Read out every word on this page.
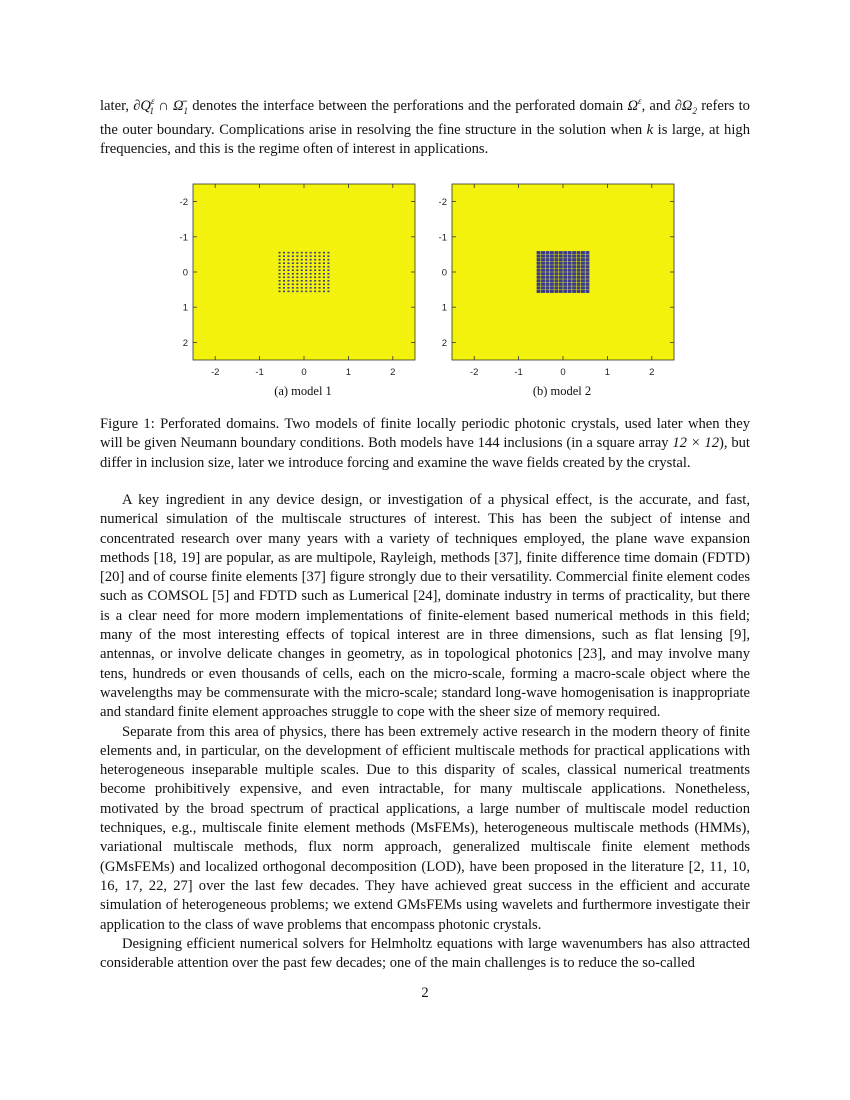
later, $\partial Q^\varepsilon_1$ ∩ $\Omegā_1$ denotes the interface between the perforations and the perforated domain $\Omega^\varepsilon$, and $\partial\Omega_2$ refers to the outer boundary. Complications arise in resolving the fine structure in the solution when k is large, at high frequencies, and this is the regime often of interest in applications.

-2	-1	0	1	2
-2
-1
0
1
2
-2	-1	0	1	2
-2
-1
0
1
2
(a) model 1	(b) model 2

Figure 1: Perforated domains. Two models of finite locally periodic photonic crystals, used later when they will be given Neumann boundary conditions. Both models have 144 inclusions (in a square array 12 × 12), but differ in inclusion size, later we introduce forcing and examine the wave fields created by the crystal.

A key ingredient in any device design, or investigation of a physical effect, is the accurate, and fast, numerical simulation of the multiscale structures of interest. This has been the subject of intense and concentrated research over many years with a variety of techniques employed, the plane wave expansion methods [18, 19] are popular, as are multipole, Rayleigh, methods [37], finite difference time domain (FDTD) [20] and of course finite elements [37] figure strongly due to their versatility. Commercial finite element codes such as COMSOL [5] and FDTD such as Lumerical [24], dominate industry in terms of practicality, but there is a clear need for more modern implementations of finite-element based numerical methods in this field; many of the most interesting effects of topical interest are in three dimensions, such as flat lensing [9], antennas, or involve delicate changes in geometry, as in topological photonics [23], and may involve many tens, hundreds or even thousands of cells, each on the micro-scale, forming a macro-scale object where the wavelengths may be commensurate with the micro-scale; standard long-wave homogenisation is inappropriate and standard finite element approaches struggle to cope with the sheer size of memory required.

Separate from this area of physics, there has been extremely active research in the modern theory of finite elements and, in particular, on the development of efficient multiscale methods for practical applications with heterogeneous inseparable multiple scales. Due to this disparity of scales, classical numerical treatments become prohibitively expensive, and even intractable, for many multiscale applications. Nonetheless, motivated by the broad spectrum of practical applications, a large number of multiscale model reduction techniques, e.g., multiscale finite element methods (MsFEMs), heterogeneous multiscale methods (HMMs), variational multiscale methods, flux norm approach, generalized multiscale finite element methods (GMsFEMs) and localized orthogonal decomposition (LOD), have been proposed in the literature [2, 11, 10, 16, 17, 22, 27] over the last few decades. They have achieved great success in the efficient and accurate simulation of heterogeneous problems; we extend GMsFEMs using wavelets and furthermore investigate their application to the class of wave problems that encompass photonic crystals.

Designing efficient numerical solvers for Helmholtz equations with large wavenumbers has also attracted considerable attention over the past few decades; one of the main challenges is to reduce the so-called

2
